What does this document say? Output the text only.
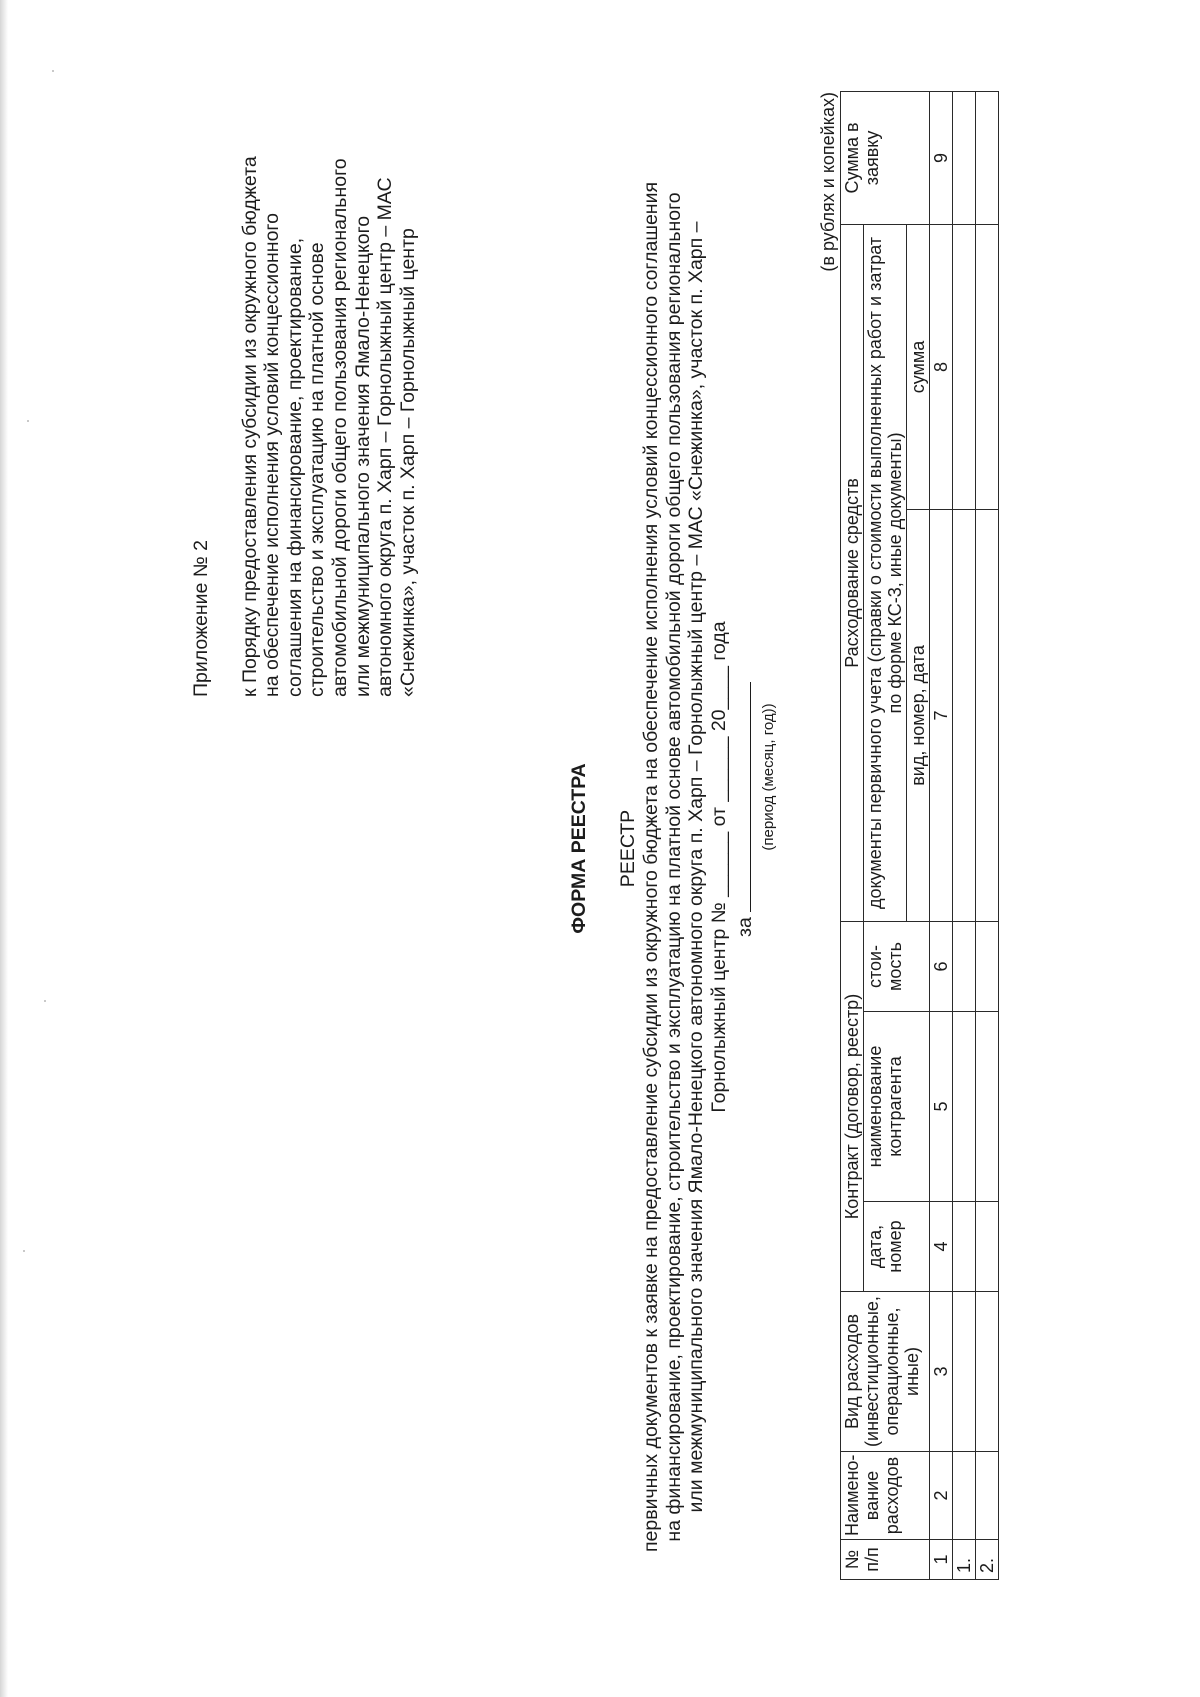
Приложение № 2 к Порядку предоставления субсидии из окружного бюджета на обеспечение исполнения условий концессионного соглашения на финансирование, проектирование, строительство и эксплуатацию на платной основе автомобильной дороги общего пользования регионального или межмуниципального значения Ямало-Ненецкого автономного округа п. Харп – Горнолыжный центр – МАС «Снежинка», участок п. Харп – Горнолыжный центр

ФОРМА РЕЕСТРА РЕЕСТР первичных документов к заявке на предоставление субсидии из окружного бюджета на обеспечение исполнения условий концессионного соглашения на финансирование, проектирование, строительство и эксплуатацию на платной основе автомобильной дороги общего пользования регионального или межмуниципального значения Ямало-Ненецкого автономного округа п. Харп – Горнолыжный центр – МАС «Снежинка», участок п. Харп – Горнолыжный центр № ______ от ______ 20____ года за
(период (месяц, год))
(в рублях и копейках)
№ п/п	Наимено-вание расходов	Вид расходов (инвестиционные, операционные, иные)	Контракт (договор, реестр)			Расходование средств		Сумма в заявку
			дата, номер	наименование контрагента	стои-мость	документы первичного учета (справки о стоимости выполненных работ и затрат по форме КС-3, иные документы)		
						вид, номер, дата	сумма	
1	2	3	4	5	6	7	8	9
1.								
2.								
